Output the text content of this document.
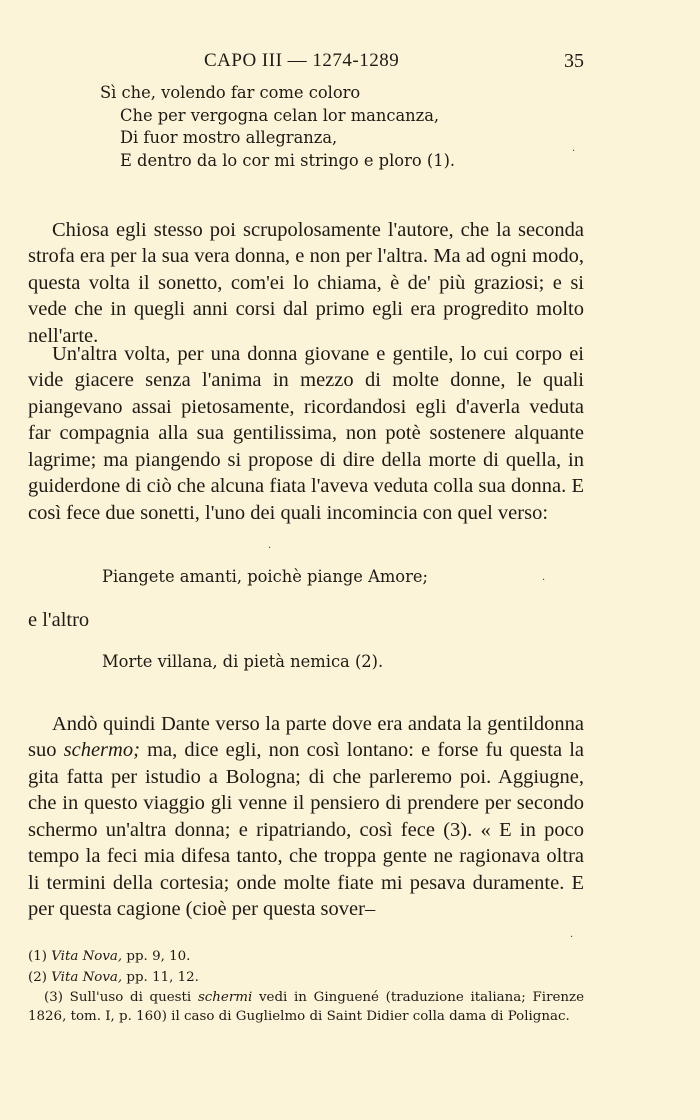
CAPO III — 1274-1289	35
Sì che, volendo far come coloro
Che per vergogna celan lor mancanza,
Di fuor mostro allegranza,
E dentro da lo cor mi stringo e ploro (1).

Chiosa egli stesso poi scrupolosamente l'autore, che la seconda strofa era per la sua vera donna, e non per l'altra. Ma ad ogni modo, questa volta il sonetto, com'ei lo chiama, è de' più graziosi; e si vede che in quegli anni corsi dal primo egli era progredito molto nell'arte.

Un'altra volta, per una donna giovane e gentile, lo cui corpo ei vide giacere senza l'anima in mezzo di molte donne, le quali piangevano assai pietosamente, ricordandosi egli d'averla veduta far compagnia alla sua gentilissima, non potè sostenere alquante lagrime; ma piangendo si propose di dire della morte di quella, in guiderdone di ciò che alcuna fiata l'aveva veduta colla sua donna. E così fece due sonetti, l'uno dei quali incomincia con quel verso:

Piangete amanti, poichè piange Amore;
e l'altro
Morte villana, di pietà nemica (2).

Andò quindi Dante verso la parte dove era andata la gentildonna suo schermo; ma, dice egli, non così lontano: e forse fu questa la gita fatta per istudio a Bologna; di che parleremo poi. Aggiugne, che in questo viaggio gli venne il pensiero di prendere per secondo schermo un'altra donna; e ripatriando, così fece (3). « E in poco tempo la feci mia difesa tanto, che troppa gente ne ragionava oltra li termini della cortesia; onde molte fiate mi pesava duramente. E per questa cagione (cioè per questa sover–

(1) Vita Nova, pp. 9, 10.
(2) Vita Nova, pp. 11, 12.
(3) Sull'uso di questi schermi vedi in Ginguené (traduzione italiana; Firenze 1826, tom. I, p. 160) il caso di Guglielmo di Saint Didier colla dama di Polignac.
·
·
·
·
